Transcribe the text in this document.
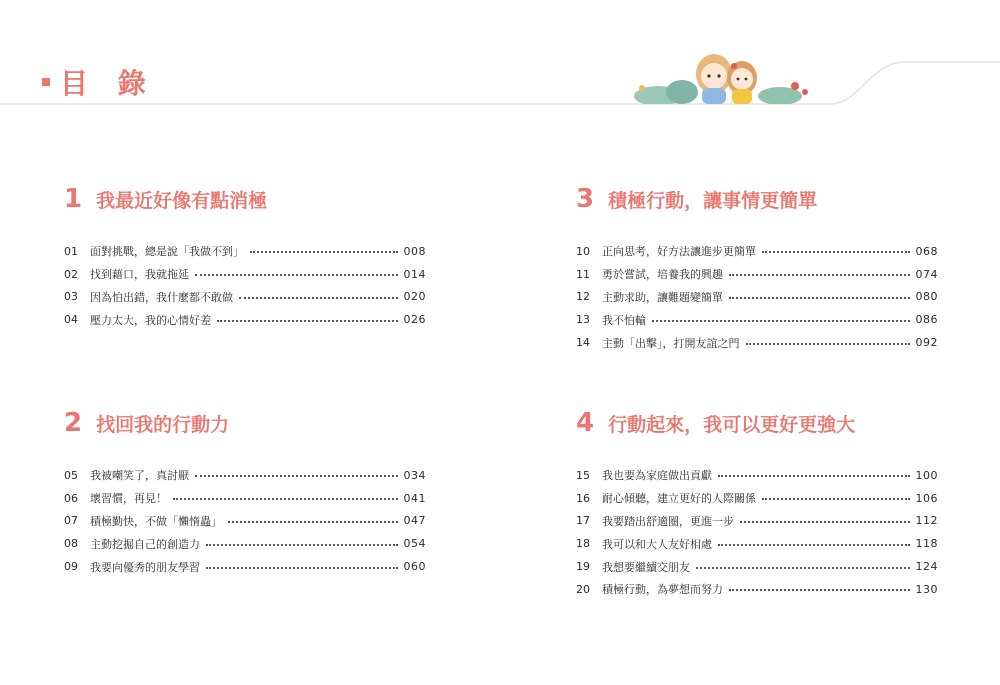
目 錄
1 我最近好像有點消極
01	面對挑戰，總是說「我做不到」	008
02	找到藉口，我就拖延	014
03	因為怕出錯，我什麼都不敢做	020
04	壓力太大，我的心情好差	026
2 找回我的行動力
05	我被嘲笑了，真討厭	034
06	壞習慣，再見！	041
07	積極勤快，不做「懶惰蟲」	047
08	主動挖掘自己的創造力	054
09	我要向優秀的朋友學習	060
3 積極行動，讓事情更簡單
10	正向思考，好方法讓進步更簡單	068
11	勇於嘗試，培養我的興趣	074
12	主動求助，讓難題變簡單	080
13	我不怕輸	086
14	主動「出擊」，打開友誼之門	092
4 行動起來，我可以更好更強大
15	我也要為家庭做出貢獻	100
16	耐心傾聽，建立更好的人際關係	106
17	我要踏出舒適圈，更進一步	112
18	我可以和大人友好相處	118
19	我想要繼續交朋友	124
20	積極行動，為夢想而努力	130
